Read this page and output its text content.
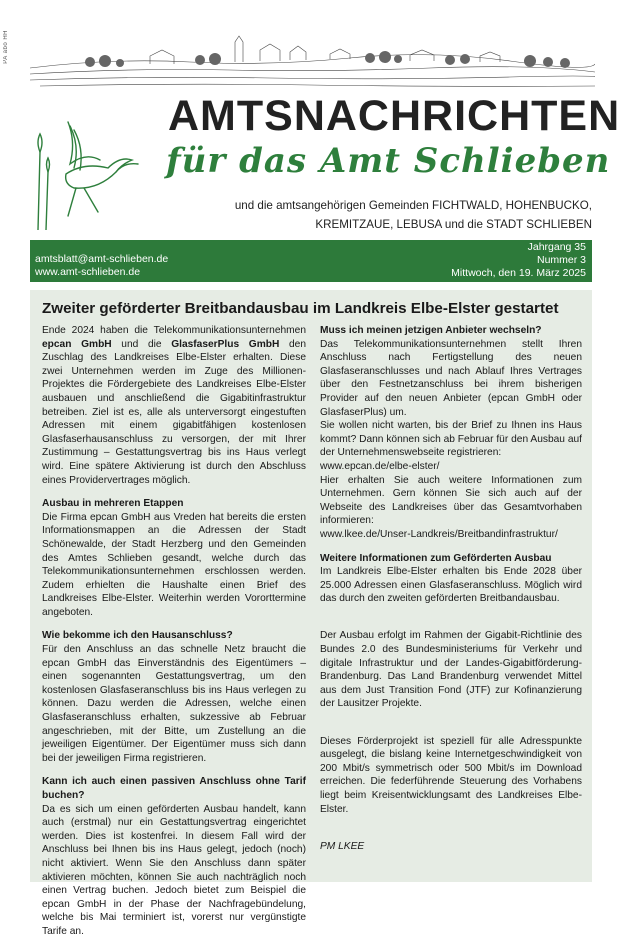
PA abo HH
AMTSNACHRICHTEN
für das Amt Schlieben
und die amtsangehörigen Gemeinden FICHTWALD, HOHENBUCKO,
KREMITZAUE, LEBUSA und die STADT SCHLIEBEN
amtsblatt@amt-schlieben.de
www.amt-schlieben.de
Jahrgang 35
Nummer 3
Mittwoch, den 19. März 2025
Zweiter geförderter Breitbandausbau im Landkreis Elbe-Elster gestartet

Ende 2024 haben die Telekommunikationsunternehmen epcan GmbH und die GlasfaserPlus GmbH den Zuschlag des Landkreises Elbe-Elster erhalten. Diese zwei Unternehmen werden im Zuge des Millionen-Projektes die Fördergebiete des Landkreises Elbe-Elster ausbauen und anschließend die Gigabitinfrastruktur betreiben. Ziel ist es, alle als unterversorgt eingestuften Adressen mit einem gigabitfähigen kostenlosen Glasfaserhausanschluss zu versorgen, der mit Ihrer Zustimmung – Gestattungsvertrag bis ins Haus verlegt wird. Eine spätere Aktivierung ist durch den Abschluss eines Providervertrages möglich.

Ausbau in mehreren Etappen

Die Firma epcan GmbH aus Vreden hat bereits die ersten Informationsmappen an die Adressen der Stadt Schönewalde, der Stadt Herzberg und den Gemeinden des Amtes Schlieben gesandt, welche durch das Telekommunikationsunternehmen erschlossen werden. Zudem erhielten die Haushalte einen Brief des Landkreises Elbe-Elster. Weiterhin werden Vororttermine angeboten.

Wie bekomme ich den Hausanschluss?

Für den Anschluss an das schnelle Netz braucht die epcan GmbH das Einverständnis des Eigentümers – einen sogenannten Gestattungsvertrag, um den kostenlosen Glasfaseranschluss bis ins Haus verlegen zu können. Dazu werden die Adressen, welche einen Glasfaseranschluss erhalten, sukzessive ab Februar angeschrieben, mit der Bitte, um Zustellung an die jeweiligen Eigentümer. Der Eigentümer muss sich dann bei der jeweiligen Firma registrieren.

Kann ich auch einen passiven Anschluss ohne Tarif buchen?

Da es sich um einen geförderten Ausbau handelt, kann auch (erstmal) nur ein Gestattungsvertrag eingerichtet werden. Dies ist kostenfrei. In diesem Fall wird der Anschluss bei Ihnen bis ins Haus gelegt, jedoch (noch) nicht aktiviert. Wenn Sie den Anschluss dann später aktivieren möchten, können Sie auch nachträglich noch einen Vertrag buchen. Jedoch bietet zum Beispiel die epcan GmbH in der Phase der Nachfragebündelung, welche bis Mai terminiert ist, vorerst nur vergünstigte Tarife an.

Muss ich meinen jetzigen Anbieter wechseln?

Das Telekommunikationsunternehmen stellt Ihren Anschluss nach Fertigstellung des neuen Glasfaseranschlusses und nach Ablauf Ihres Vertrages über den Festnetzanschluss bei ihrem bisherigen Provider auf den neuen Anbieter (epcan GmbH oder GlasfaserPlus) um.

Sie wollen nicht warten, bis der Brief zu Ihnen ins Haus kommt? Dann können sich ab Februar für den Ausbau auf der Unternehmenswebseite registrieren:

www.epcan.de/elbe-elster/

Hier erhalten Sie auch weitere Informationen zum Unternehmen. Gern können Sie sich auch auf der Webseite des Landkreises über das Gesamtvorhaben informieren:

www.lkee.de/Unser-Landkreis/Breitbandinfrastruktur/

Weitere Informationen zum Geförderten Ausbau

Im Landkreis Elbe-Elster erhalten bis Ende 2028 über 25.000 Adressen einen Glasfaseranschluss. Möglich wird das durch den zweiten geförderten Breitbandausbau.

Der Ausbau erfolgt im Rahmen der Gigabit-Richtlinie des Bundes 2.0 des Bundesministeriums für Verkehr und digitale Infrastruktur und der Landes-Gigabitförderung-Brandenburg. Das Land Brandenburg verwendet Mittel aus dem Just Transition Fond (JTF) zur Kofinanzierung der Lausitzer Projekte.

Dieses Förderprojekt ist speziell für alle Adresspunkte ausgelegt, die bislang keine Internetgeschwindigkeit von 200 Mbit/s symmetrisch oder 500 Mbit/s im Download erreichen. Die federführende Steuerung des Vorhabens liegt beim Kreisentwicklungsamt des Landkreises Elbe-Elster.

PM LKEE
